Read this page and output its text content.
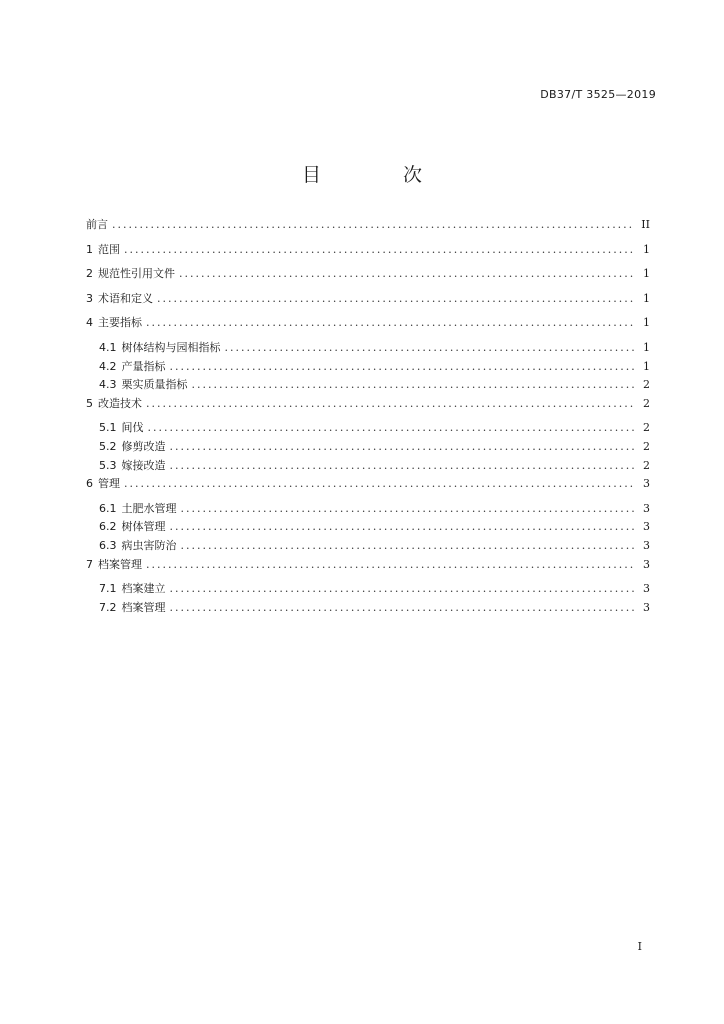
DB37/T 3525—2019
目 次
前言 .....	II
1 范围 .....	1
2 规范性引用文件 .....	1
3 术语和定义 .....	1
4 主要指标 .....	1
4.1 树体结构与园相指标 .....	1
4.2 产量指标 .....	1
4.3 栗实质量指标 .....	2
5 改造技术 .....	2
5.1 间伐 .....	2
5.2 修剪改造 .....	2
5.3 嫁接改造 .....	2
6 管理 .....	3
6.1 土肥水管理 .....	3
6.2 树体管理 .....	3
6.3 病虫害防治 .....	3
7 档案管理 .....	3
7.1 档案建立 .....	3
7.2 档案管理 .....	3
I
